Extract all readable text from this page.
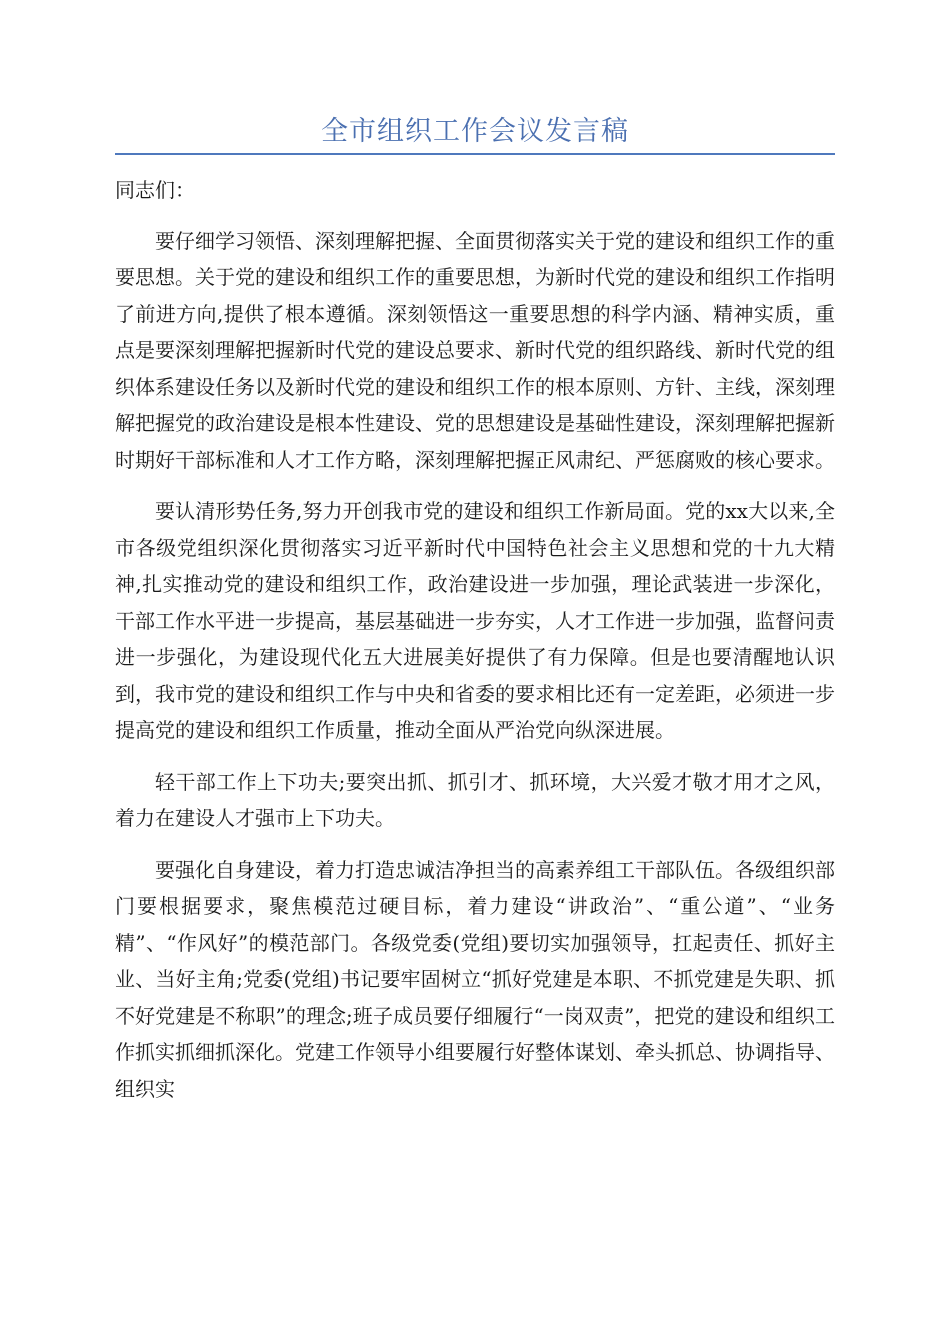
全市组织工作会议发言稿

同志们：

要仔细学习领悟、深刻理解把握、全面贯彻落实关于党的建设和组织工作的重要思想。关于党的建设和组织工作的重要思想，为新时代党的建设和组织工作指明了前进方向,提供了根本遵循。深刻领悟这一重要思想的科学内涵、精神实质，重点是要深刻理解把握新时代党的建设总要求、新时代党的组织路线、新时代党的组织体系建设任务以及新时代党的建设和组织工作的根本原则、方针、主线，深刻理解把握党的政治建设是根本性建设、党的思想建设是基础性建设，深刻理解把握新时期好干部标准和人才工作方略，深刻理解把握正风肃纪、严惩腐败的核心要求。

要认清形势任务,努力开创我市党的建设和组织工作新局面。党的xx大以来,全市各级党组织深化贯彻落实习近平新时代中国特色社会主义思想和党的十九大精神,扎实推动党的建设和组织工作，政治建设进一步加强，理论武装进一步深化，干部工作水平进一步提高，基层基础进一步夯实，人才工作进一步加强，监督问责进一步强化，为建设现代化五大进展美好提供了有力保障。但是也要清醒地认识到，我市党的建设和组织工作与中央和省委的要求相比还有一定差距，必须进一步提高党的建设和组织工作质量，推动全面从严治党向纵深进展。

轻干部工作上下功夫;要突出抓、抓引才、抓环境，大兴爱才敬才用才之风，着力在建设人才强市上下功夫。

要强化自身建设，着力打造忠诚洁净担当的高素养组工干部队伍。各级组织部门要根据要求，聚焦模范过硬目标，着力建设“讲政治”、“重公道”、“业务精”、“作风好”的模范部门。各级党委(党组)要切实加强领导，扛起责任、抓好主业、当好主角;党委(党组)书记要牢固树立“抓好党建是本职、不抓党建是失职、抓不好党建是不称职”的理念;班子成员要仔细履行“一岗双责”，把党的建设和组织工作抓实抓细抓深化。党建工作领导小组要履行好整体谋划、牵头抓总、协调指导、组织实
